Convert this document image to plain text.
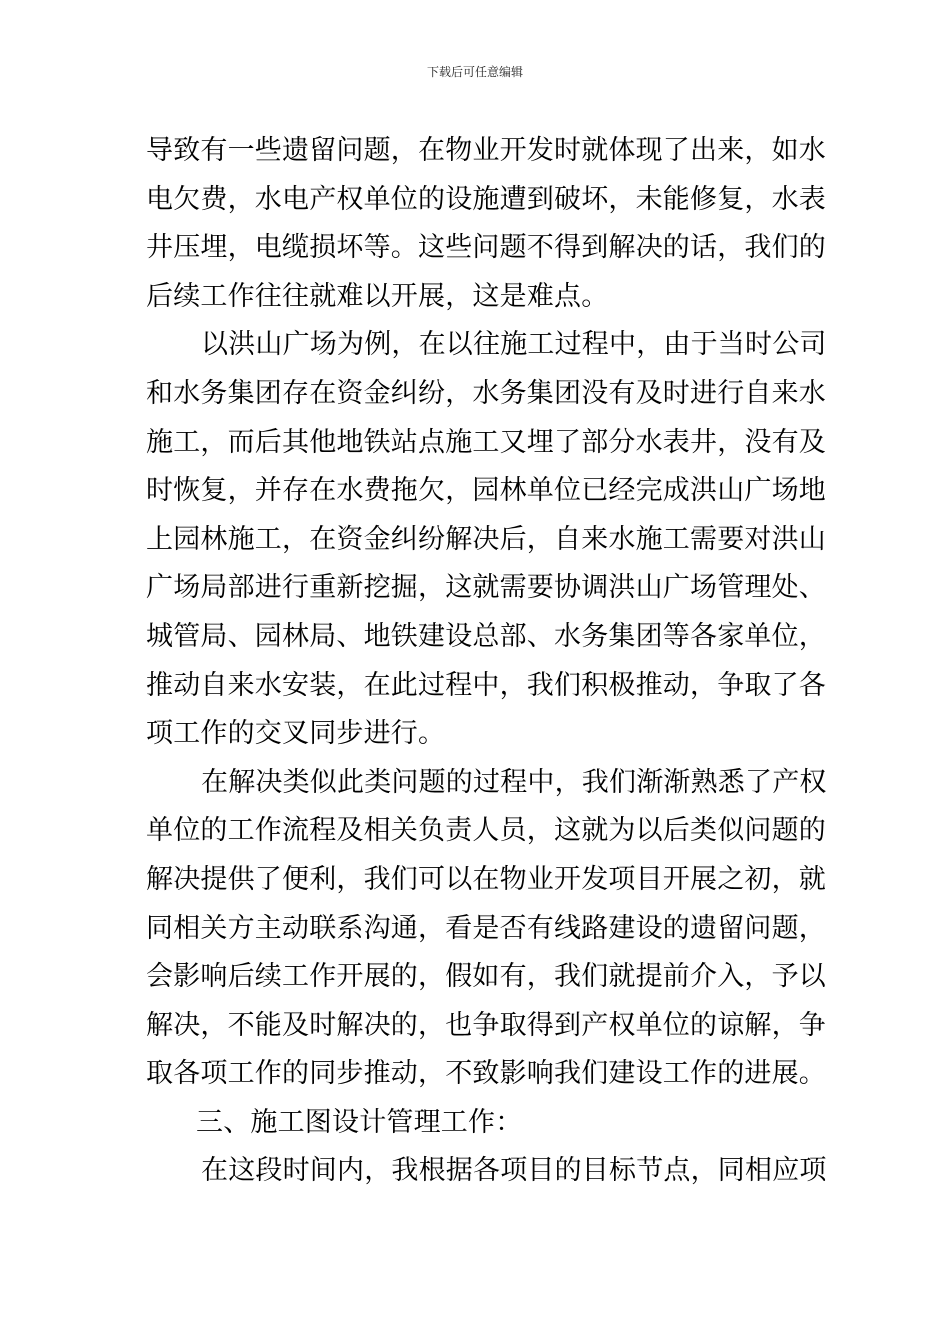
下载后可任意编辑
导致有一些遗留问题，在物业开发时就体现了出来，如水
电欠费，水电产权单位的设施遭到破坏，未能修复，水表
井压埋，电缆损坏等。这些问题不得到解决的话，我们的
后续工作往往就难以开展，这是难点。
以洪山广场为例，在以往施工过程中，由于当时公司
和水务集团存在资金纠纷，水务集团没有及时进行自来水
施工，而后其他地铁站点施工又埋了部分水表井，没有及
时恢复，并存在水费拖欠，园林单位已经完成洪山广场地
上园林施工，在资金纠纷解决后，自来水施工需要对洪山
广场局部进行重新挖掘，这就需要协调洪山广场管理处、
城管局、园林局、地铁建设总部、水务集团等各家单位，
推动自来水安装，在此过程中，我们积极推动，争取了各
项工作的交叉同步进行。
在解决类似此类问题的过程中，我们渐渐熟悉了产权
单位的工作流程及相关负责人员，这就为以后类似问题的
解决提供了便利，我们可以在物业开发项目开展之初，就
同相关方主动联系沟通，看是否有线路建设的遗留问题，
会影响后续工作开展的，假如有，我们就提前介入，予以
解决，不能及时解决的，也争取得到产权单位的谅解，争
取各项工作的同步推动，不致影响我们建设工作的进展。
三、施工图设计管理工作：
在这段时间内，我根据各项目的目标节点，同相应项
